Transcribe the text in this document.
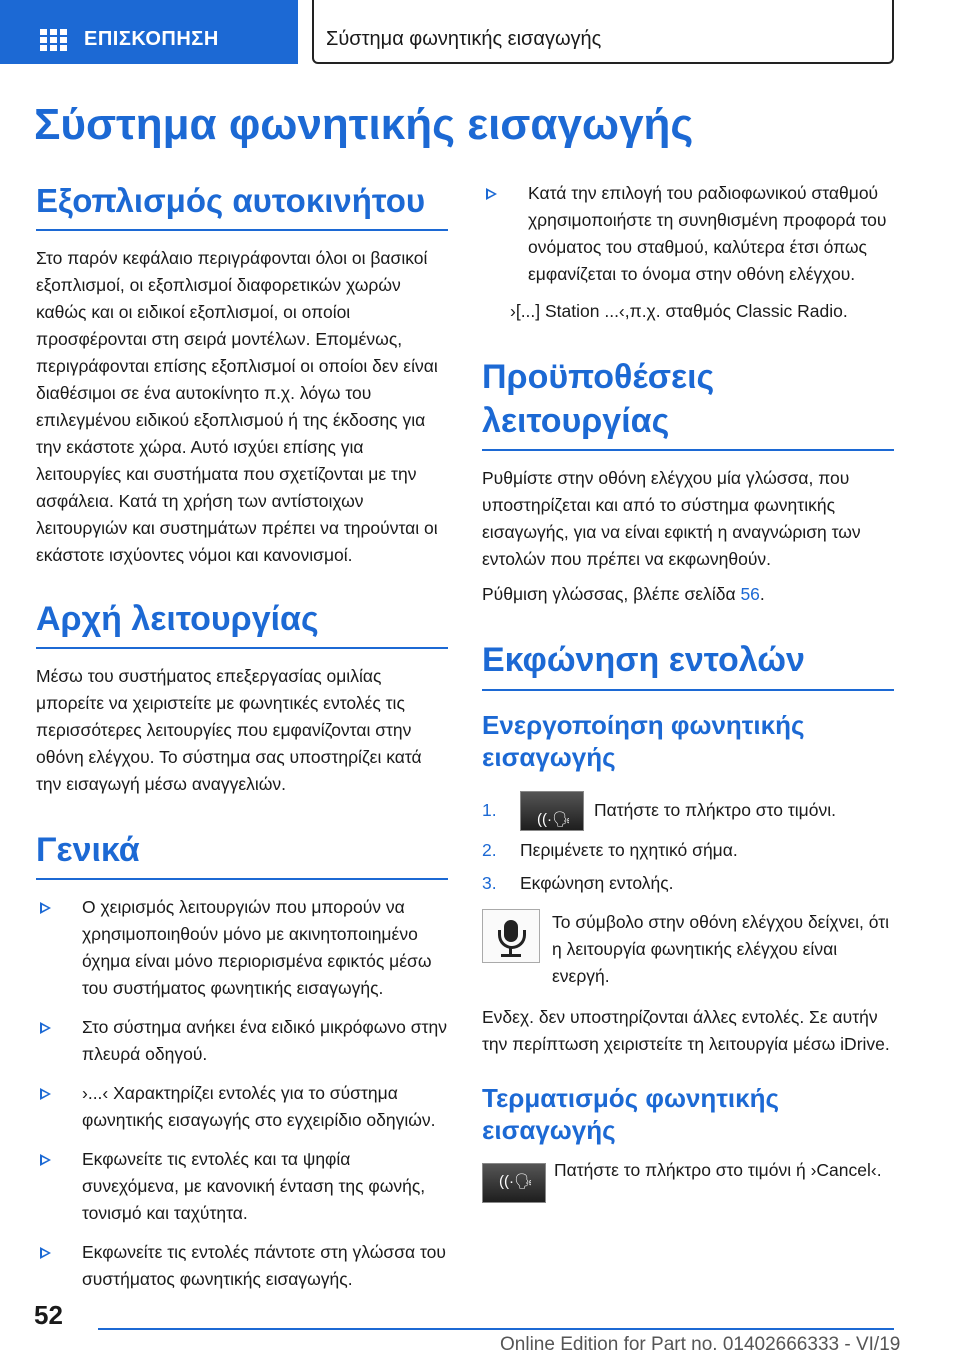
ΕΠΙΣΚΟΠΗΣΗ	Σύστημα φωνητικής εισαγωγής
Σύστημα φωνητικής εισαγωγής
Εξοπλισμός αυτοκινήτου

Στο παρόν κεφάλαιο περιγράφονται όλοι οι βασικοί εξοπλισμοί, οι εξοπλισμοί διαφορετικών χωρών καθώς και οι ειδικοί εξοπλισμοί, οι οποίοι προσφέρονται στη σειρά μοντέλων. Επομένως, περιγράφονται επίσης εξοπλισμοί οι οποίοι δεν είναι διαθέσιμοι σε ένα αυτοκίνητο π.χ. λόγω του επιλεγμένου ειδικού εξοπλισμού ή της έκδοσης για την εκάστοτε χώρα. Αυτό ισχύει επίσης για λειτουργίες και συστήματα που σχετίζονται με την ασφάλεια. Κατά τη χρήση των αντίστοιχων λειτουργιών και συστημάτων πρέπει να τηρούνται οι εκάστοτε ισχύοντες νόμοι και κανονισμοί.

Αρχή λειτουργίας

Μέσω του συστήματος επεξεργασίας ομιλίας μπορείτε να χειριστείτε με φωνητικές εντολές τις περισσότερες λειτουργίες που εμφανίζονται στην οθόνη ελέγχου. Το σύστημα σας υποστηρίζει κατά την εισαγωγή μέσω αναγγελιών.

Γενικά
Ο χειρισμός λειτουργιών που μπορούν να χρησιμοποιηθούν μόνο με ακινητοποιημένο όχημα είναι μόνο περιορισμένα εφικτός μέσω του συστήματος φωνητικής εισαγωγής.
Στο σύστημα ανήκει ένα ειδικό μικρόφωνο στην πλευρά οδηγού.
›...‹ Χαρακτηρίζει εντολές για το σύστημα φωνητικής εισαγωγής στο εγχειρίδιο οδηγιών.
Εκφωνείτε τις εντολές και τα ψηφία συνεχόμενα, με κανονική ένταση της φωνής, τονισμό και ταχύτητα.
Εκφωνείτε τις εντολές πάντοτε στη γλώσσα του συστήματος φωνητικής εισαγωγής.
Κατά την επιλογή του ραδιοφωνικού σταθμού χρησιμοποιήστε τη συνηθισμένη προφορά του ονόματος του σταθμού, καλύτερα έτσι όπως εμφανίζεται το όνομα στην οθόνη ελέγχου.

›[...] Station ...‹,π.χ. σταθμός Classic Radio.

Προϋποθέσεις λειτουργίας

Ρυθμίστε στην οθόνη ελέγχου μία γλώσσα, που υποστηρίζεται και από το σύστημα φωνητικής εισαγωγής, για να είναι εφικτή η αναγνώριση των εντολών που πρέπει να εκφωνηθούν.

Ρύθμιση γλώσσας, βλέπε σελίδα 56.

Εκφώνηση εντολών
Ενεργοποίηση φωνητικής εισαγωγής
1.	((·🗣 Πατήστε το πλήκτρο στο τιμόνι.
2. Περιμένετε το ηχητικό σήμα.
3. Εκφώνηση εντολής.

Το σύμβολο στην οθόνη ελέγχου δείχνει, ότι η λειτουργία φωνητικής ελέγχου είναι ενεργή.

Ενδεχ. δεν υποστηρίζονται άλλες εντολές. Σε αυτήν την περίπτωση χειριστείτε τη λειτουργία μέσω iDrive.

Τερματισμός φωνητικής εισαγωγής
((·🗣

Πατήστε το πλήκτρο στο τιμόνι ή ›Cancel‹.

52
Online Edition for Part no. 01402666333 - VI/19
